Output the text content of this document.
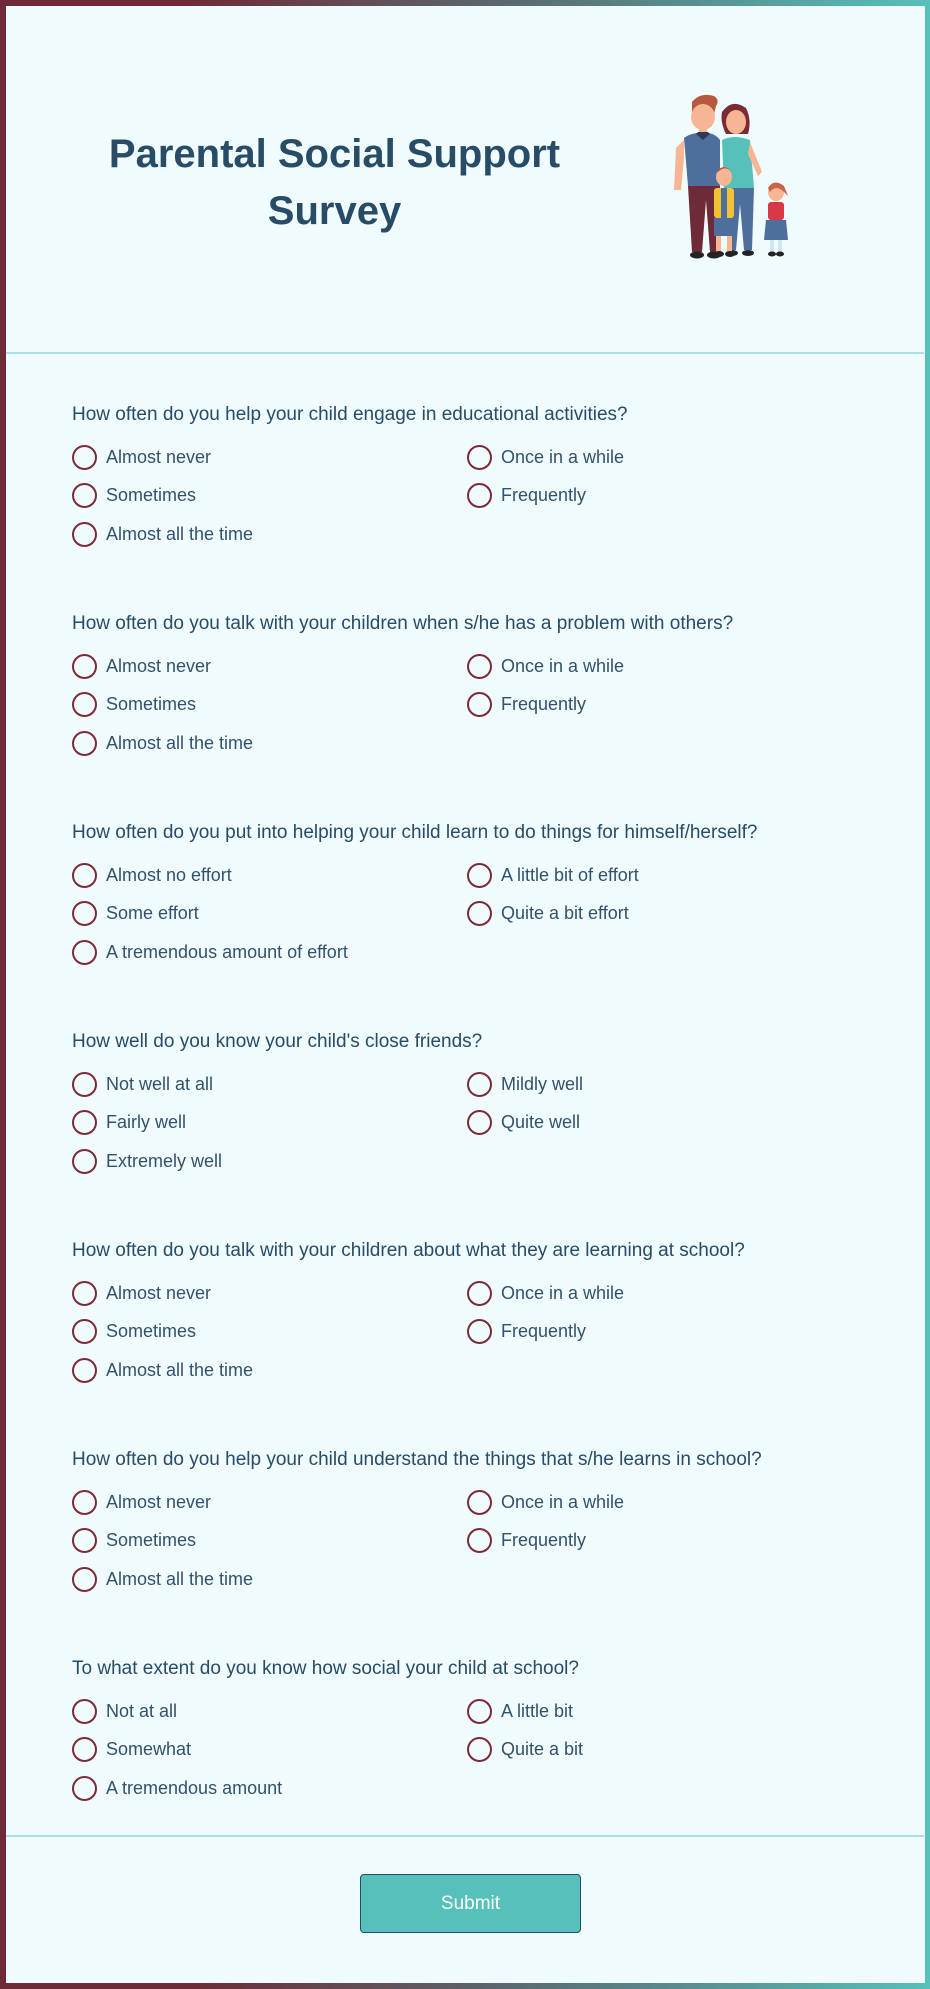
Parental Social Support Survey

How often do you help your child engage in educational activities?

Almost never	Once in a while
Sometimes	Frequently
Almost all the time

How often do you talk with your children when s/he has a problem with others?

Almost never	Once in a while
Sometimes	Frequently
Almost all the time

How often do you put into helping your child learn to do things for himself/herself?

Almost no effort	A little bit of effort
Some effort	Quite a bit effort
A tremendous amount of effort

How well do you know your child's close friends?

Not well at all	Mildly well
Fairly well	Quite well
Extremely well

How often do you talk with your children about what they are learning at school?

Almost never	Once in a while
Sometimes	Frequently
Almost all the time

How often do you help your child understand the things that s/he learns in school?

Almost never	Once in a while
Sometimes	Frequently
Almost all the time

To what extent do you know how social your child at school?

Not at all	A little bit
Somewhat	Quite a bit
A tremendous amount
Submit
